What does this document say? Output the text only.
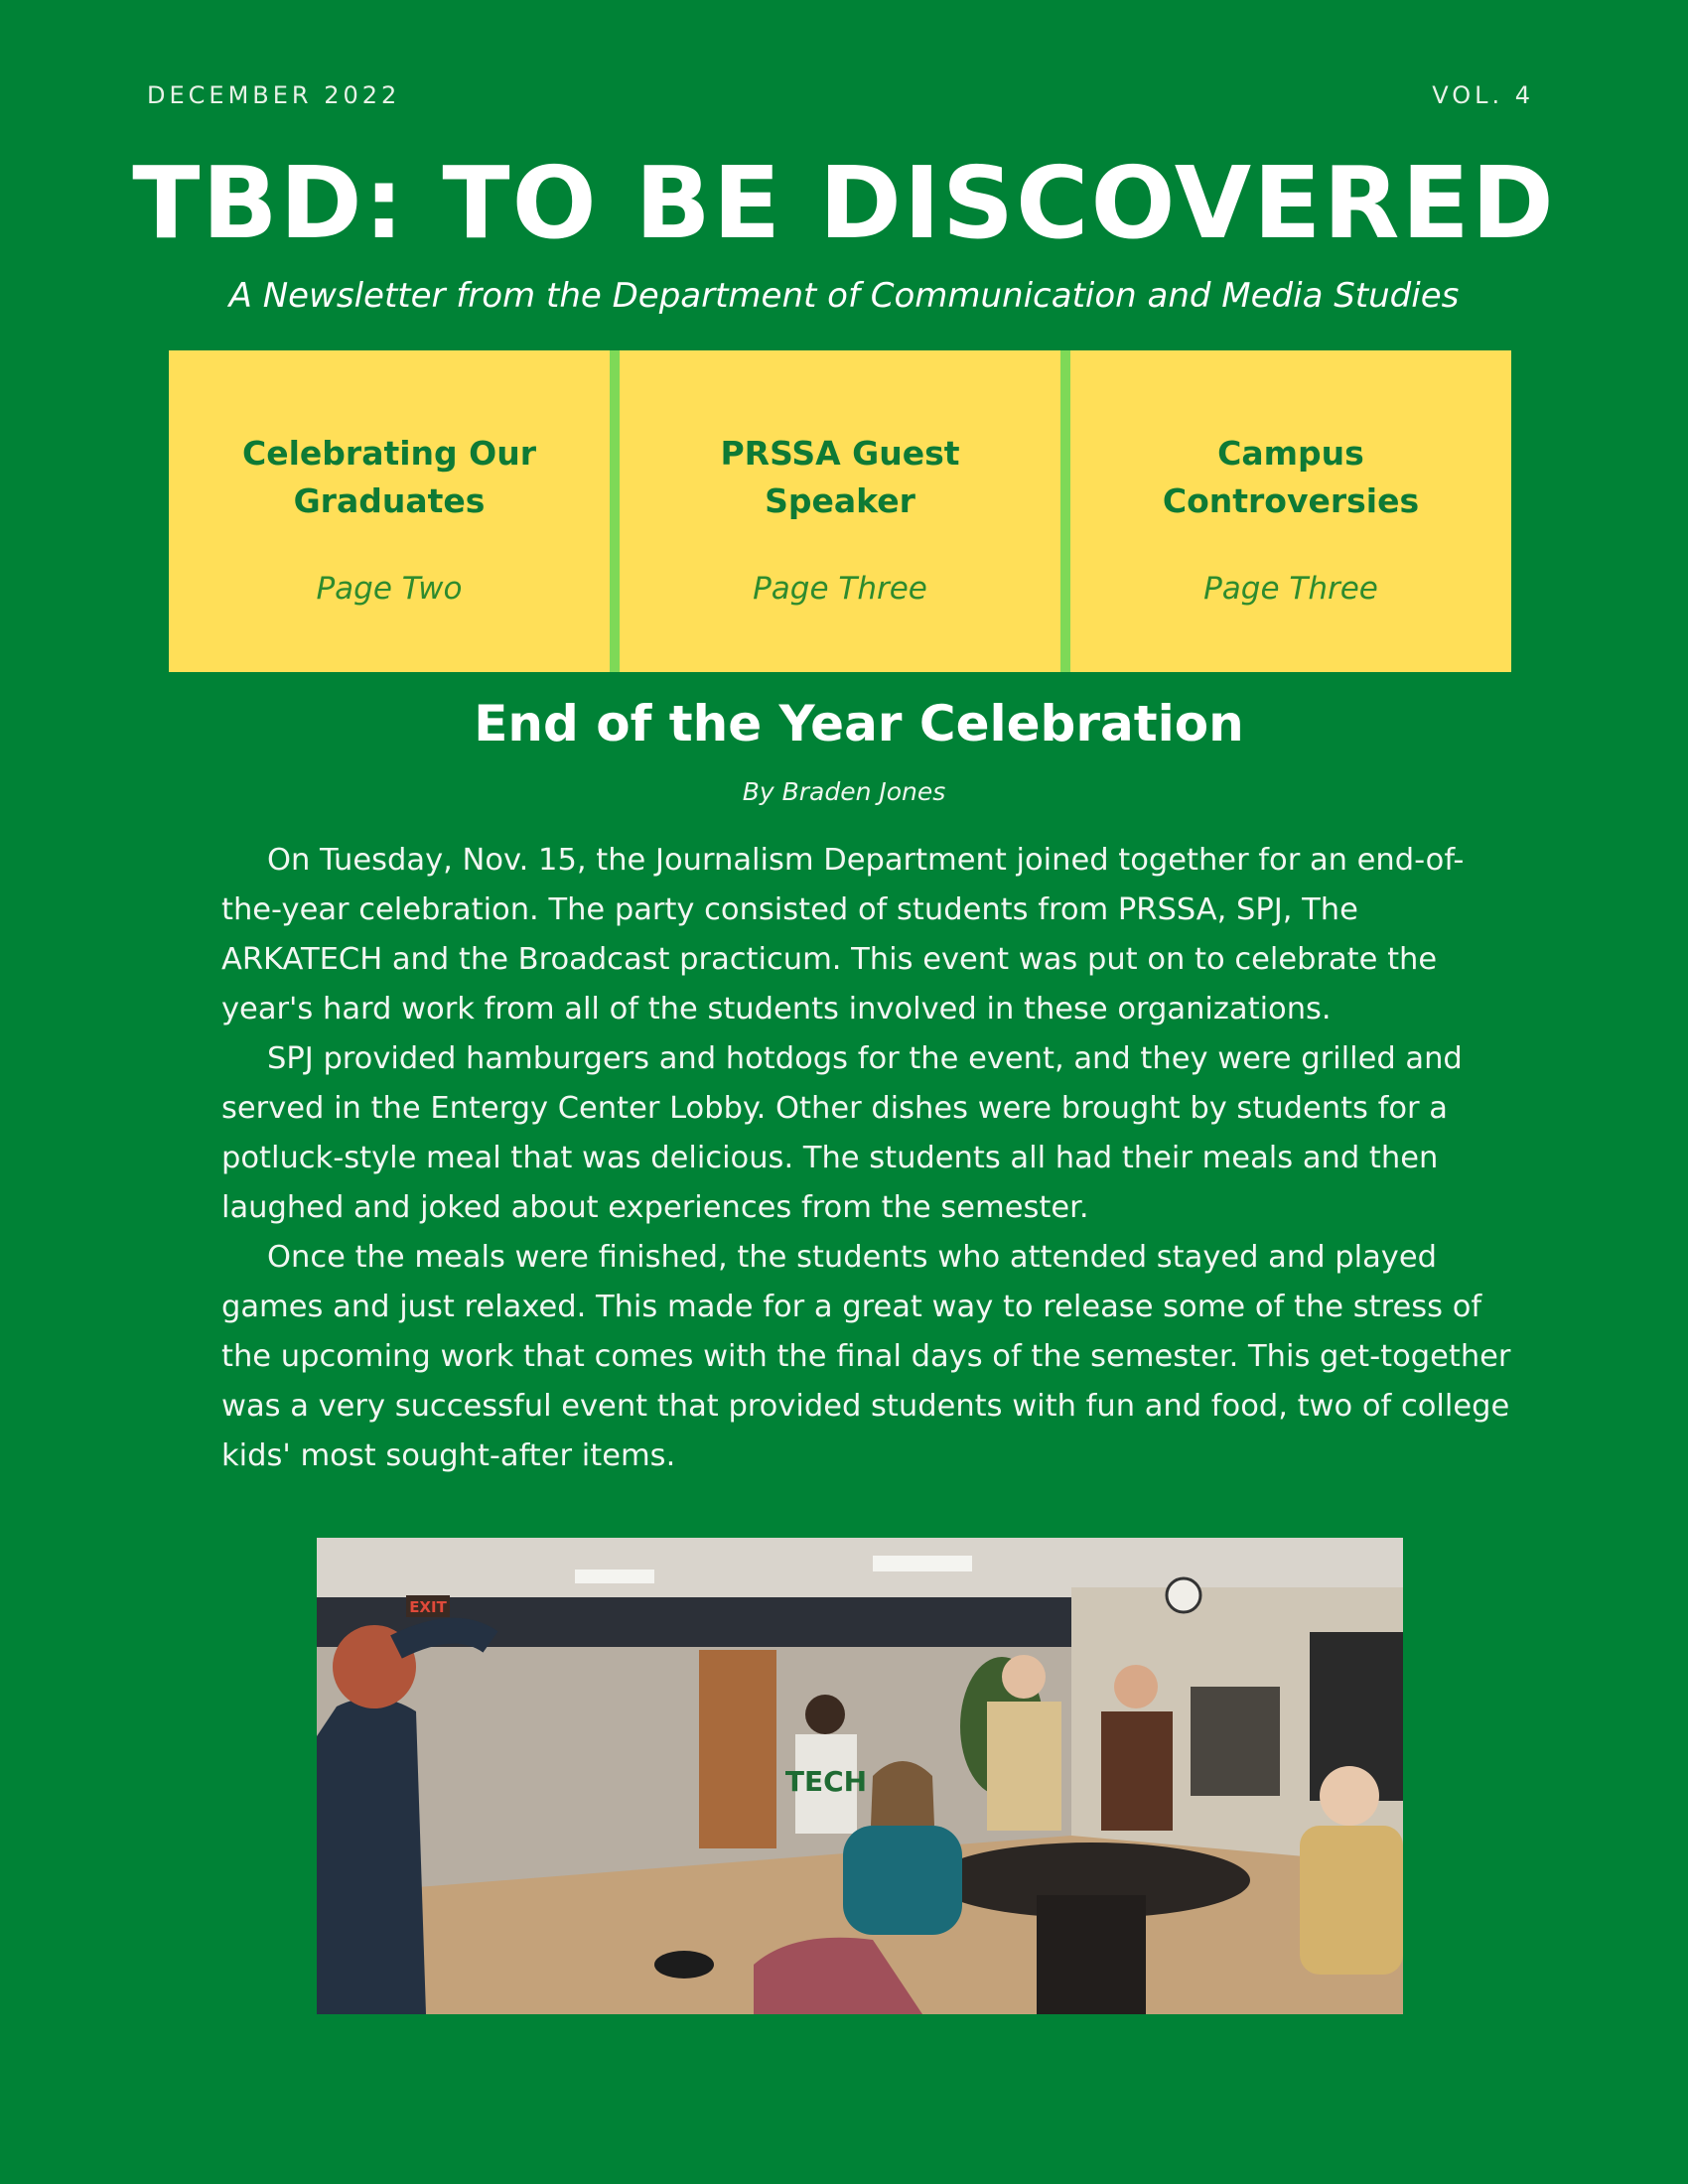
DECEMBER 2022	VOL. 4
TBD: TO BE DISCOVERED
A Newsletter from the Department of Communication and Media Studies
Celebrating Our Graduates
Page Two
PRSSA Guest Speaker
Page Three
Campus Controversies
Page Three
End of the Year Celebration
By Braden Jones

On Tuesday, Nov. 15, the Journalism Department joined together for an end-of-the-year celebration. The party consisted of students from PRSSA, SPJ, The ARKATECH and the Broadcast practicum. This event was put on to celebrate the year's hard work from all of the students involved in these organizations.

SPJ provided hamburgers and hotdogs for the event, and they were grilled and served in the Entergy Center Lobby. Other dishes were brought by students for a potluck-style meal that was delicious. The students all had their meals and then laughed and joked about experiences from the semester.

Once the meals were finished, the students who attended stayed and played games and just relaxed. This made for a great way to release some of the stress of the upcoming work that comes with the final days of the semester. This get-together was a very successful event that provided students with fun and food, two of college kids' most sought-after items.

EXIT
TECH
